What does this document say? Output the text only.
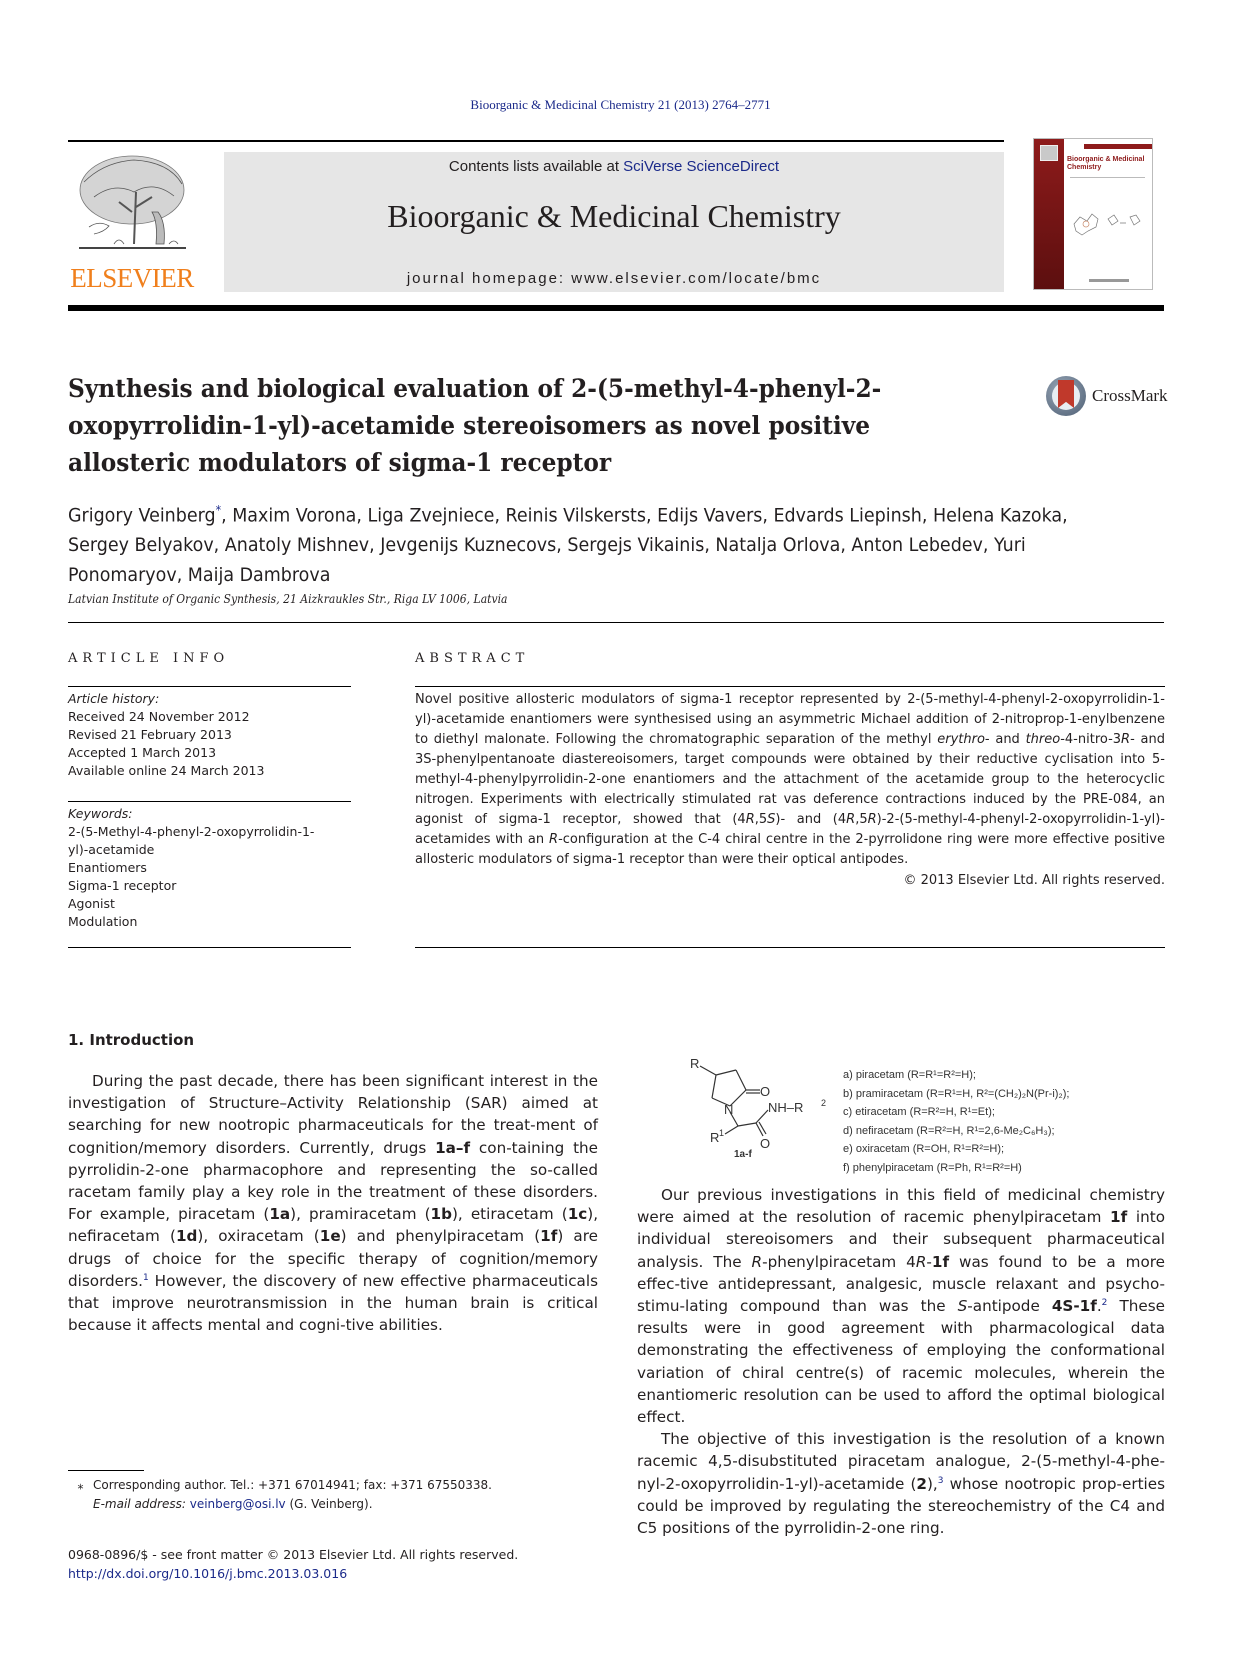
Bioorganic & Medicinal Chemistry 21 (2013) 2764–2771
ELSEVIER
Contents lists available at SciVerse ScienceDirect
Bioorganic & Medicinal Chemistry
journal homepage: www.elsevier.com/locate/bmc
Bioorganic & Medicinal Chemistry
Synthesis and biological evaluation of 2-(5-methyl-4-phenyl-2-oxopyrrolidin-1-yl)-acetamide stereoisomers as novel positive allosteric modulators of sigma-1 receptor
CrossMark
Grigory Veinberg*, Maxim Vorona, Liga Zvejniece, Reinis Vilskersts, Edijs Vavers, Edvards Liepinsh, Helena Kazoka, Sergey Belyakov, Anatoly Mishnev, Jevgenijs Kuznecovs, Sergejs Vikainis, Natalja Orlova, Anton Lebedev, Yuri Ponomaryov, Maija Dambrova
Latvian Institute of Organic Synthesis, 21 Aizkraukles Str., Riga LV 1006, Latvia
ARTICLE INFO	ABSTRACT
Article history:
Received 24 November 2012
Revised 21 February 2013
Accepted 1 March 2013
Available online 24 March 2013
Keywords:
2-(5-Methyl-4-phenyl-2-oxopyrrolidin-1-yl)-acetamide
Enantiomers
Sigma-1 receptor
Agonist
Modulation
Novel positive allosteric modulators of sigma-1 receptor represented by 2-(5-methyl-4-phenyl-2-oxopyrrolidin-1-yl)-acetamide enantiomers were synthesised using an asymmetric Michael addition of 2-nitroprop-1-enylbenzene to diethyl malonate. Following the chromatographic separation of the methyl erythro- and threo-4-nitro-3R- and 3S-phenylpentanoate diastereoisomers, target compounds were obtained by their reductive cyclisation into 5-methyl-4-phenylpyrrolidin-2-one enantiomers and the attachment of the acetamide group to the heterocyclic nitrogen. Experiments with electrically stimulated rat vas deference contractions induced by the PRE-084, an agonist of sigma-1 receptor, showed that (4R,5S)- and (4R,5R)-2-(5-methyl-4-phenyl-2-oxopyrrolidin-1-yl)-acetamides with an R-configuration at the C-4 chiral centre in the 2-pyrrolidone ring were more effective positive allosteric modulators of sigma-1 receptor than were their optical antipodes.
© 2013 Elsevier Ltd. All rights reserved.
1. Introduction

During the past decade, there has been significant interest in the investigation of Structure–Activity Relationship (SAR) aimed at searching for new nootropic pharmaceuticals for the treat-ment of cognition/memory disorders. Currently, drugs 1a–f con-taining the pyrrolidin-2-one pharmacophore and representing the so-called racetam family play a key role in the treatment of these disorders. For example, piracetam (1a), pramiracetam (1b), etiracetam (1c), nefiracetam (1d), oxiracetam (1e) and phenylpiracetam (1f) are drugs of choice for the specific therapy of cognition/memory disorders.$^1$ However, the discovery of new effective pharmaceuticals that improve neurotransmission in the human brain is critical because it affects mental and cogni-tive abilities.

R
O
N	NH–R 2
R 1
O
1a-f
a) piracetam (R=R¹=R²=H);
b) pramiracetam (R=R¹=H, R²=(CH₂)₂N(Pr-i)₂);
c) etiracetam (R=R²=H, R¹=Et);
d) nefiracetam (R=R²=H, R¹=2,6-Me₂C₆H₃);
e) oxiracetam (R=OH, R¹=R²=H);
f) phenylpiracetam (R=Ph, R¹=R²=H)

Our previous investigations in this field of medicinal chemistry were aimed at the resolution of racemic phenylpiracetam 1f into individual stereoisomers and their subsequent pharmaceutical analysis. The R-phenylpiracetam 4R-1f was found to be a more effec-tive antidepressant, analgesic, muscle relaxant and psycho-stimu-lating compound than was the S-antipode 4S-1f.$^2$ These results were in good agreement with pharmacological data demonstrating the effectiveness of employing the conformational variation of chiral centre(s) of racemic molecules, wherein the enantiomeric resolution can be used to afford the optimal biological effect.

The objective of this investigation is the resolution of a known racemic 4,5-disubstituted piracetam analogue, 2-(5-methyl-4-phe-nyl-2-oxopyrrolidin-1-yl)-acetamide (2),$^3$ whose nootropic prop-erties could be improved by regulating the stereochemistry of the C4 and C5 positions of the pyrrolidin-2-one ring.

⁎ Corresponding author. Tel.: +371 67014941; fax: +371 67550338.
E-mail address: veinberg@osi.lv (G. Veinberg).
0968-0896/$ - see front matter © 2013 Elsevier Ltd. All rights reserved.
http://dx.doi.org/10.1016/j.bmc.2013.03.016
